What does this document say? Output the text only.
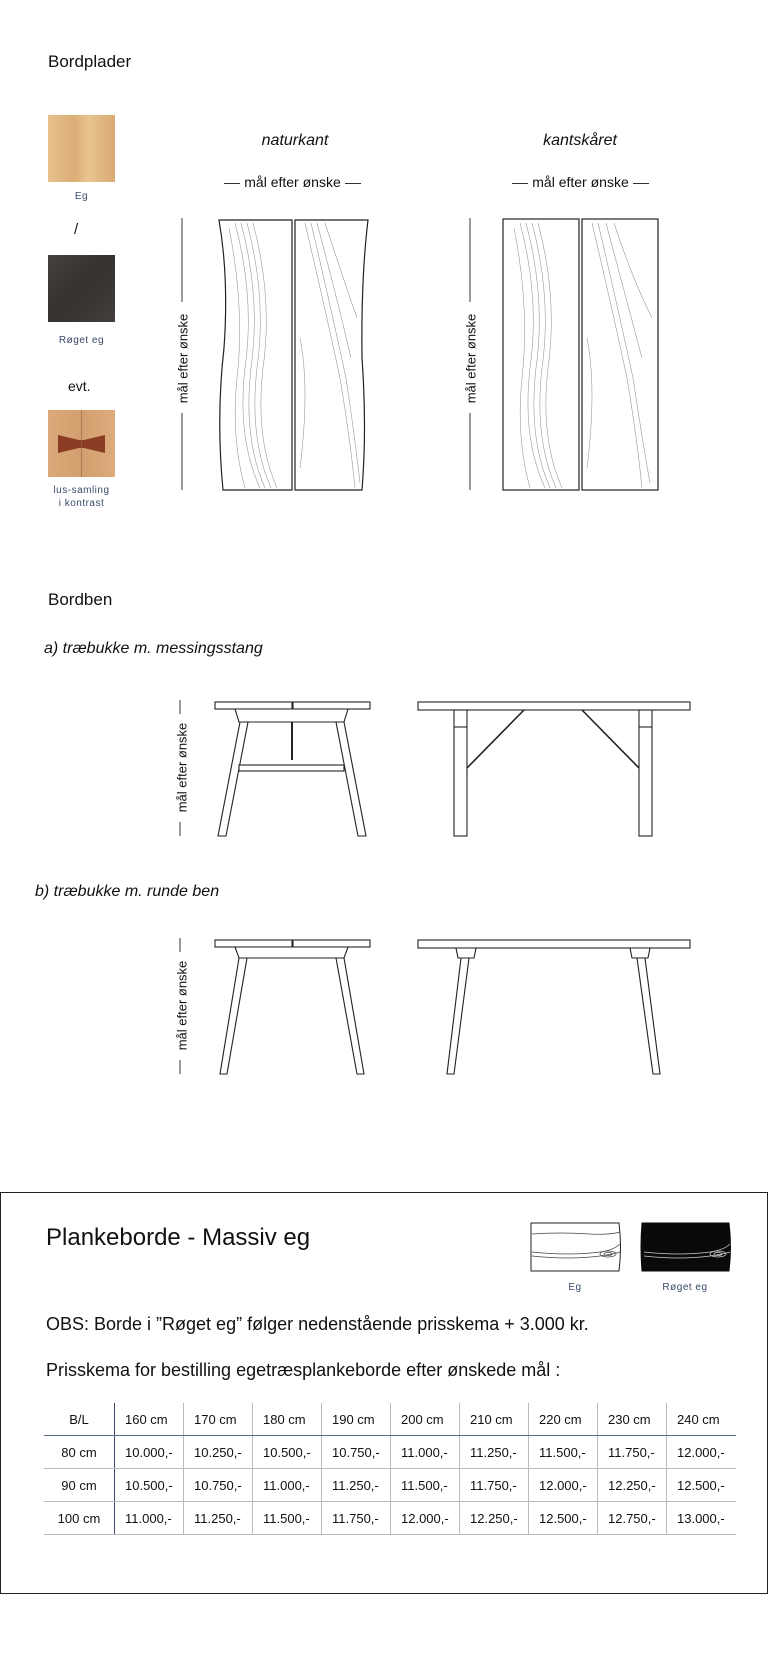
Bordplader
Eg
/
Røget eg
evt.
lus-samling
i kontrast
naturkant
mål efter ønske
mål efter ønske
kantskåret
mål efter ønske
mål efter ønske
Bordben
a) træbukke m. messingsstang
mål efter ønske
b) træbukke m. runde ben
mål efter ønske
Plankeborde - Massiv eg
Eg	Røget eg
OBS: Borde i ”Røget eg” følger nedenstående prisskema + 3.000 kr.
Prisskema for bestilling egetræsplankeborde efter ønskede mål :
B/L	160 cm	170 cm	180 cm	190 cm	200 cm	210 cm	220 cm	230 cm	240 cm
80 cm	10.000,-	10.250,-	10.500,-	10.750,-	11.000,-	11.250,-	11.500,-	11.750,-	12.000,-
90 cm	10.500,-	10.750,-	11.000,-	11.250,-	11.500,-	11.750,-	12.000,-	12.250,-	12.500,-
100 cm	11.000,-	11.250,-	11.500,-	11.750,-	12.000,-	12.250,-	12.500,-	12.750,-	13.000,-
